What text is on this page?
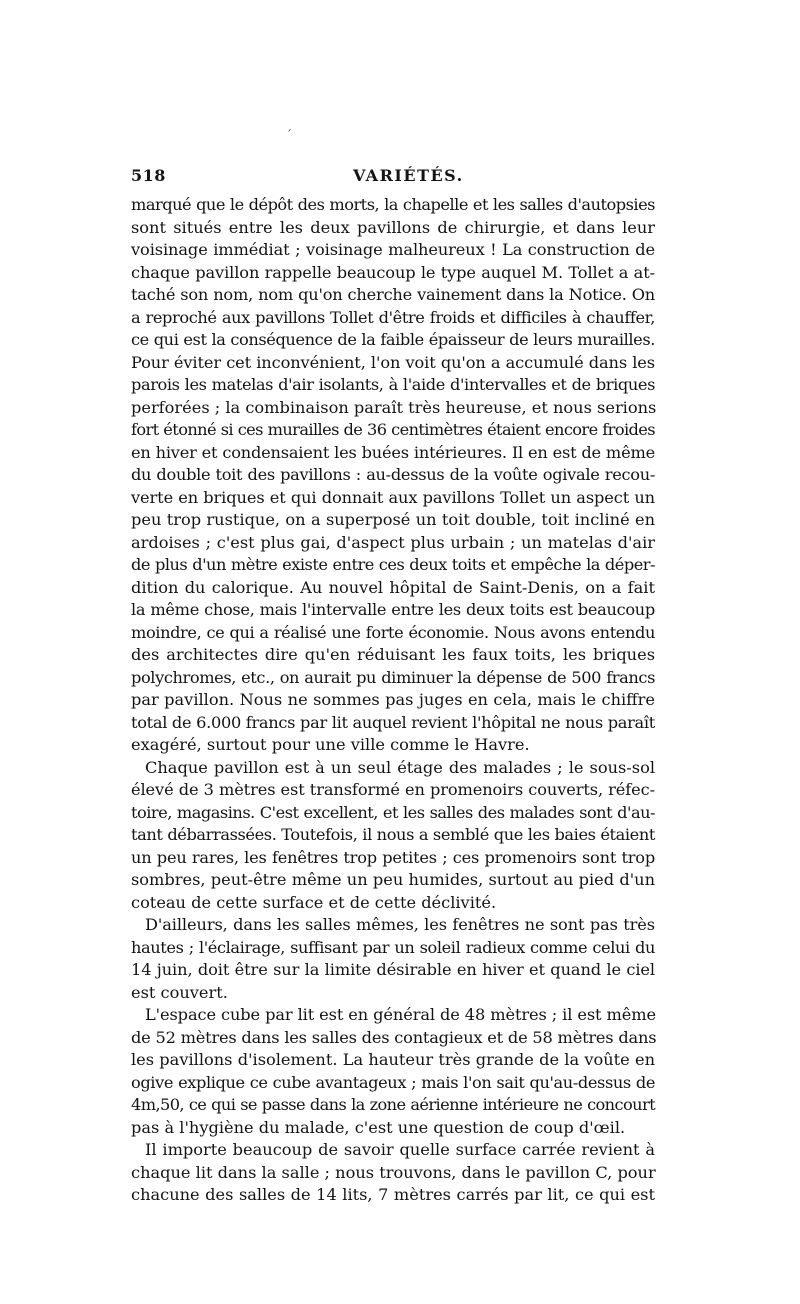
´
518	VARIÉTÉS.
marqué que le dépôt des morts, la chapelle et les salles d'autopsies
sont situés entre les deux pavillons de chirurgie, et dans leur
voisinage immédiat ; voisinage malheureux ! La construction de
chaque pavillon rappelle beaucoup le type auquel M. Tollet a at-
taché son nom, nom qu'on cherche vainement dans la Notice. On
a reproché aux pavillons Tollet d'être froids et difficiles à chauffer,
ce qui est la conséquence de la faible épaisseur de leurs murailles.
Pour éviter cet inconvénient, l'on voit qu'on a accumulé dans les
parois les matelas d'air isolants, à l'aide d'intervalles et de briques
perforées ; la combinaison paraît très heureuse, et nous serions
fort étonné si ces murailles de 36 centimètres étaient encore froides
en hiver et condensaient les buées intérieures. Il en est de même
du double toit des pavillons : au-dessus de la voûte ogivale recou-
verte en briques et qui donnait aux pavillons Tollet un aspect un
peu trop rustique, on a superposé un toit double, toit incliné en
ardoises ; c'est plus gai, d'aspect plus urbain ; un matelas d'air
de plus d'un mètre existe entre ces deux toits et empêche la déper-
dition du calorique. Au nouvel hôpital de Saint-Denis, on a fait
la même chose, mais l'intervalle entre les deux toits est beaucoup
moindre, ce qui a réalisé une forte économie. Nous avons entendu
des architectes dire qu'en réduisant les faux toits, les briques
polychromes, etc., on aurait pu diminuer la dépense de 500 francs
par pavillon. Nous ne sommes pas juges en cela, mais le chiffre
total de 6.000 francs par lit auquel revient l'hôpital ne nous paraît
exagéré, surtout pour une ville comme le Havre.
Chaque pavillon est à un seul étage des malades ; le sous-sol
élevé de 3 mètres est transformé en promenoirs couverts, réfec-
toire, magasins. C'est excellent, et les salles des malades sont d'au-
tant débarrassées. Toutefois, il nous a semblé que les baies étaient
un peu rares, les fenêtres trop petites ; ces promenoirs sont trop
sombres, peut-être même un peu humides, surtout au pied d'un
coteau de cette surface et de cette déclivité.
D'ailleurs, dans les salles mêmes, les fenêtres ne sont pas très
hautes ; l'éclairage, suffisant par un soleil radieux comme celui du
14 juin, doit être sur la limite désirable en hiver et quand le ciel
est couvert.
L'espace cube par lit est en général de 48 mètres ; il est même
de 52 mètres dans les salles des contagieux et de 58 mètres dans
les pavillons d'isolement. La hauteur très grande de la voûte en
ogive explique ce cube avantageux ; mais l'on sait qu'au-dessus de
4m,50, ce qui se passe dans la zone aérienne intérieure ne concourt
pas à l'hygiène du malade, c'est une question de coup d'œil.
Il importe beaucoup de savoir quelle surface carrée revient à
chaque lit dans la salle ; nous trouvons, dans le pavillon C, pour
chacune des salles de 14 lits, 7 mètres carrés par lit, ce qui est
